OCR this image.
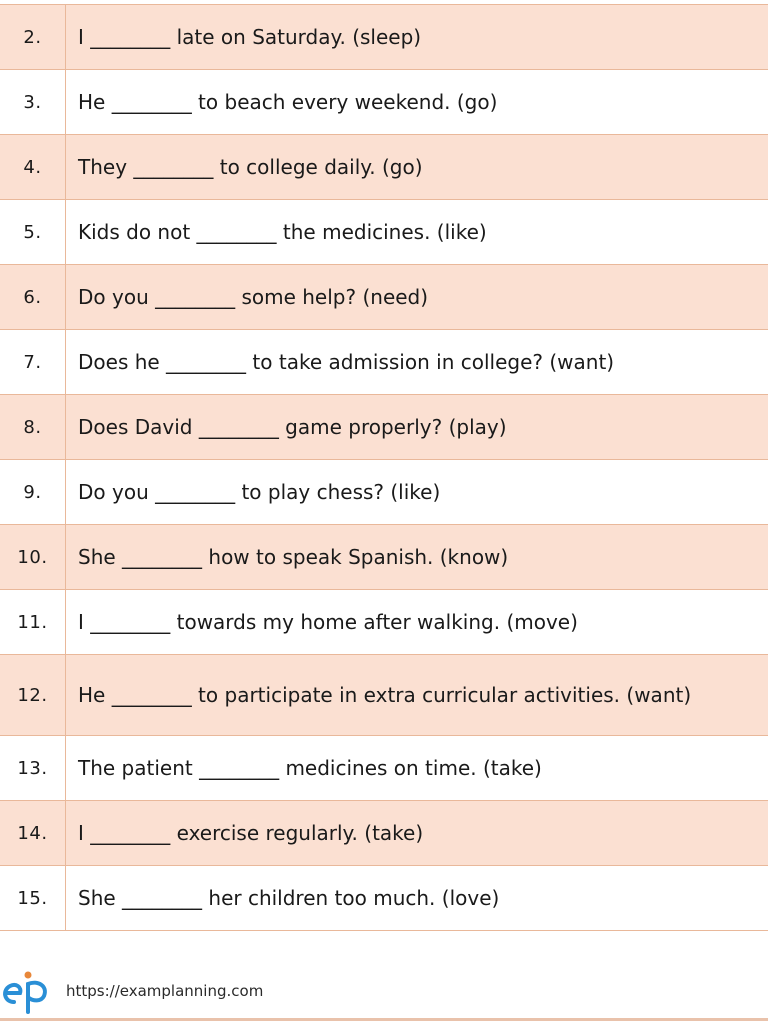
2.	I ________ late on Saturday. (sleep)
3.	He ________ to beach every weekend. (go)
4.	They ________ to college daily. (go)
5.	Kids do not ________ the medicines. (like)
6.	Do you ________ some help? (need)
7.	Does he ________ to take admission in college? (want)
8.	Does David ________ game properly? (play)
9.	Do you ________ to play chess? (like)
10.	She ________ how to speak Spanish. (know)
11.	I ________ towards my home after walking. (move)
12.	He ________ to participate in extra curricular activities. (want)
13.	The patient ________ medicines on time. (take)
14.	I ________ exercise regularly. (take)
15.	She ________ her children too much. (love)
https://examplanning.com
